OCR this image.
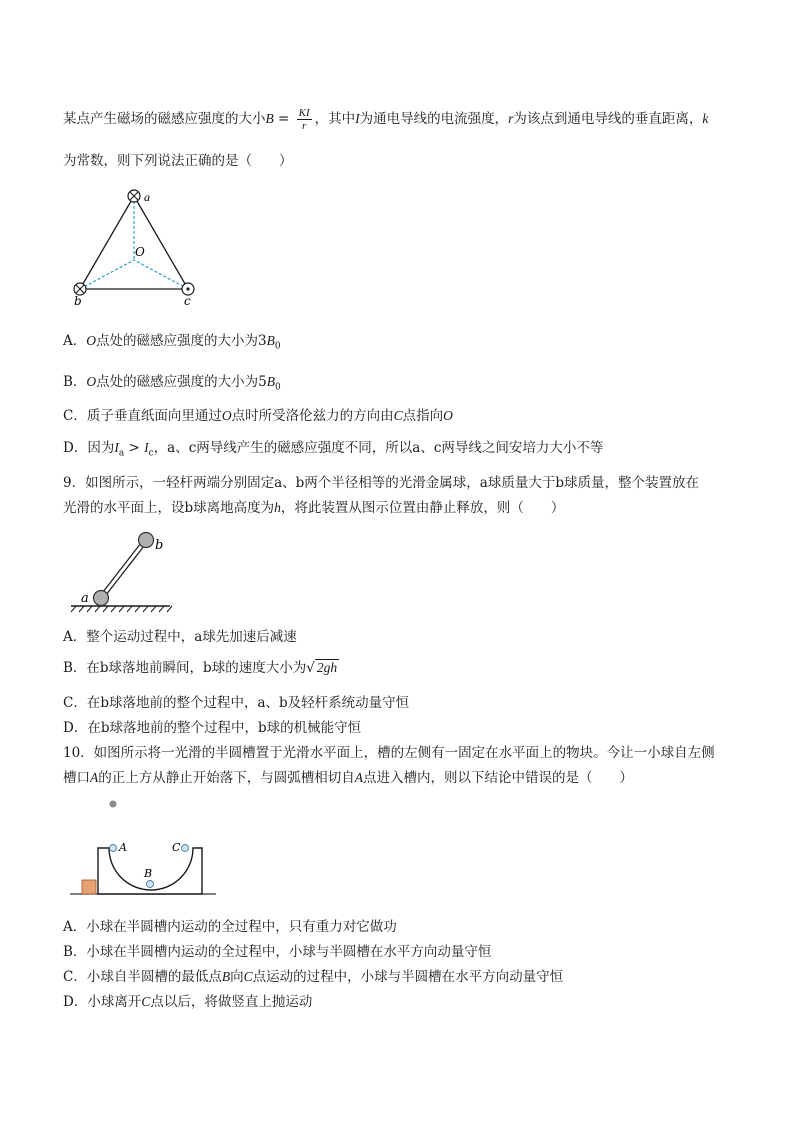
某点产生磁场的磁感应强度的大小$B = \frac{KI}{r}$ ，其中I为通电导线的电流强度，r为该点到通电导线的垂直距离，k
为常数，则下列说法正确的是（　　）
a
O
b	c
A．O点处的磁感应强度的大小为$3B_0$
B．O点处的磁感应强度的大小为$5B_0$
C．质子垂直纸面向里通过O点时所受洛伦兹力的方向由C点指向O
D．因为$I_a > I_c$，a、c两导线产生的磁感应强度不同，所以a、c两导线之间安培力大小不等
9．如图所示，一轻杆两端分别固定a、b两个半径相等的光滑金属球，a球质量大于b球质量，整个装置放在
光滑的水平面上，设b球离地高度为h，将此装置从图示位置由静止释放，则（　　）
a
b
A．整个运动过程中，a球先加速后减速
B．在b球落地前瞬间，b球的速度大小为√ 2gh
C．在b球落地前的整个过程中，a、b及轻杆系统动量守恒
D．在b球落地前的整个过程中，b球的机械能守恒
10．如图所示将一光滑的半圆槽置于光滑水平面上，槽的左侧有一固定在水平面上的物块。今让一小球自左侧
槽口A的正上方从静止开始落下，与圆弧槽相切自A点进入槽内，则以下结论中错误的是（　　）
A	C
B
A．小球在半圆槽内运动的全过程中，只有重力对它做功
B．小球在半圆槽内运动的全过程中，小球与半圆槽在水平方向动量守恒
C．小球自半圆槽的最低点B向C点运动的过程中，小球与半圆槽在水平方向动量守恒
D．小球离开C点以后，将做竖直上抛运动
